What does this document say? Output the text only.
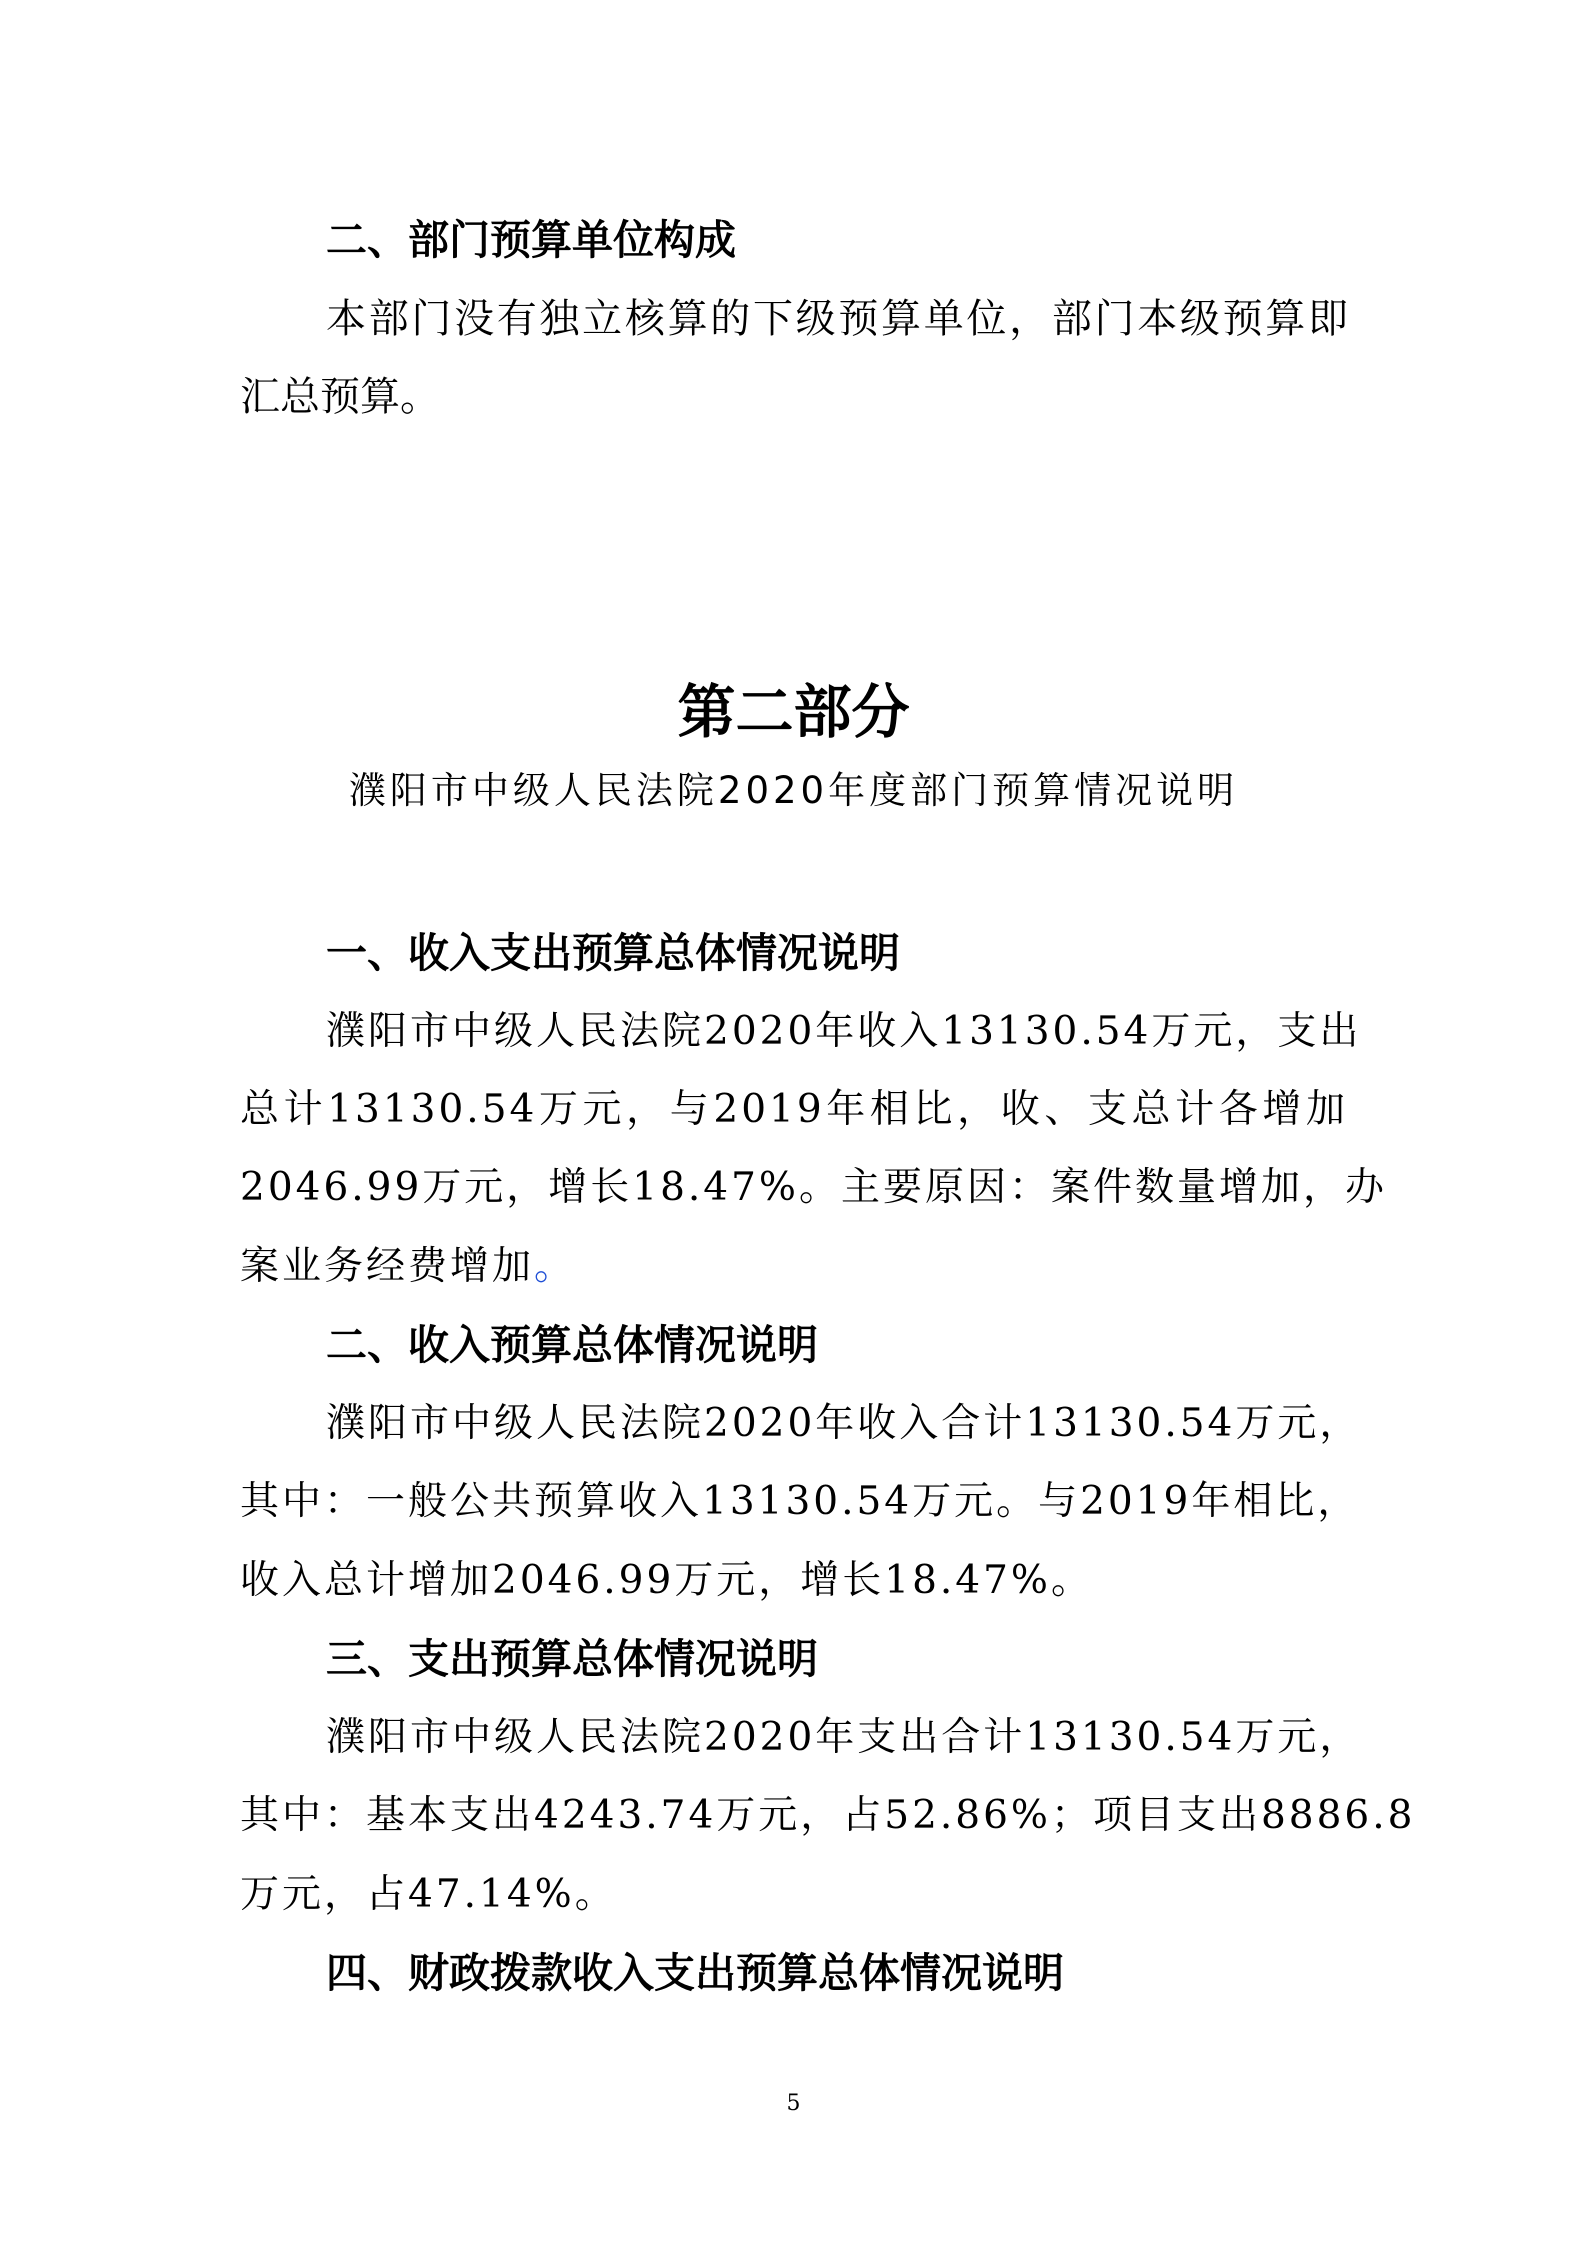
二、部门预算单位构成
本部门没有独立核算的下级预算单位，部门本级预算即
汇总预算。
第二部分
濮阳市中级人民法院2020年度部门预算情况说明
一、收入支出预算总体情况说明
濮阳市中级人民法院2020年收入13130.54万元，支出
总计13130.54万元，与2019年相比，收、支总计各增加
2046.99万元，增长18.47%。主要原因：案件数量增加，办
案业务经费增加。
二、收入预算总体情况说明
濮阳市中级人民法院2020年收入合计13130.54万元，
其中：一般公共预算收入13130.54万元。与2019年相比，
收入总计增加2046.99万元，增长18.47%。
三、支出预算总体情况说明
濮阳市中级人民法院2020年支出合计13130.54万元，
其中：基本支出4243.74万元，占52.86%；项目支出8886.8
万元，占47.14%。
四、财政拨款收入支出预算总体情况说明
5
